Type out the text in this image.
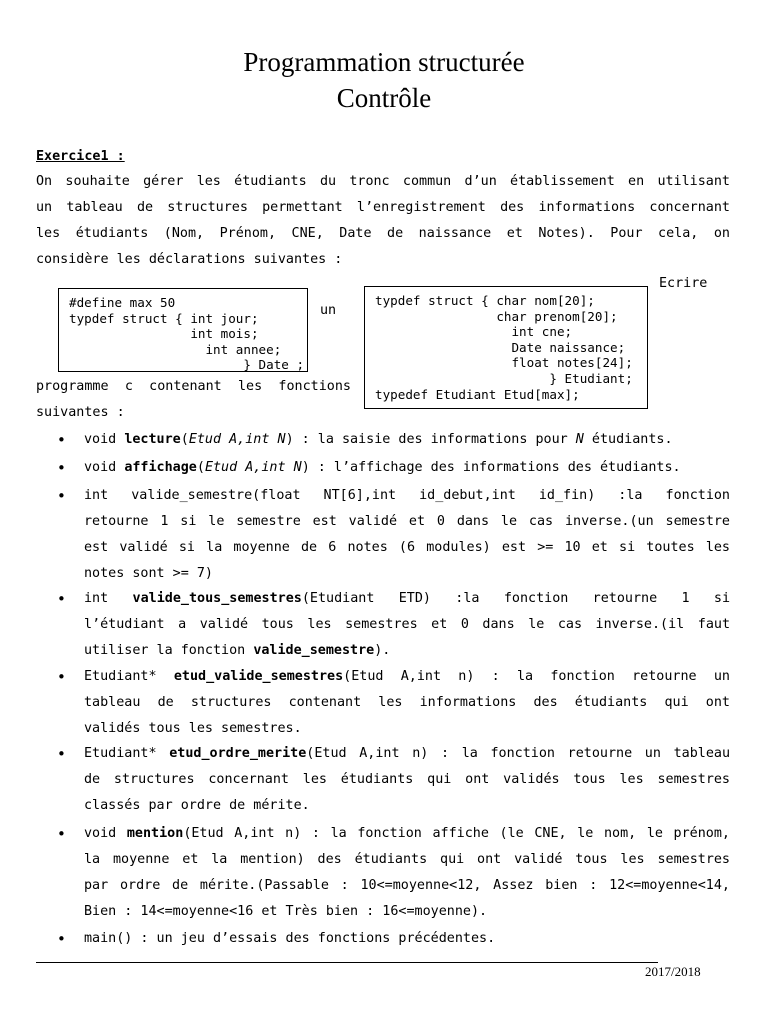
Programmation structurée
Contrôle
Exercice1 :
On souhaite gérer les étudiants du tronc commun d’un établissement en utilisant
un tableau de structures permettant l’enregistrement des informations concernant
les étudiants (Nom, Prénom, CNE, Date de naissance et Notes). Pour cela, on
considère les déclarations suivantes :
Ecrire
#define max 50
typdef struct { int jour;
int mois;
int annee;
} Date ;
un
typdef struct { char nom[20];
char prenom[20];
int cne;
Date naissance;
float notes[24];
} Etudiant;
typedef Etudiant Etud[max];
programme c contenant les fonctions
suivantes :
• void lecture(Etud A,int N) : la saisie des informations pour N étudiants.

• void affichage(Etud A,int N) : l’affichage des informations des étudiants.

• int valide_semestre(float NT[6],int id_debut,int id_fin) :la fonction

retourne 1 si le semestre est validé et 0 dans le cas inverse.(un semestre

est validé si la moyenne de 6 notes (6 modules) est >= 10 et si toutes les

notes sont >= 7)

• int valide_tous_semestres(Etudiant ETD) :la fonction retourne 1 si

l’étudiant a validé tous les semestres et 0 dans le cas inverse.(il faut

utiliser la fonction valide_semestre).

• Etudiant* etud_valide_semestres(Etud A,int n) : la fonction retourne un

tableau de structures contenant les informations des étudiants qui ont

validés tous les semestres.

• Etudiant* etud_ordre_merite(Etud A,int n) : la fonction retourne un tableau

de structures concernant les étudiants qui ont validés tous les semestres

classés par ordre de mérite.

• void mention(Etud A,int n) : la fonction affiche (le CNE, le nom, le prénom,

la moyenne et la mention) des étudiants qui ont validé tous les semestres

par ordre de mérite.(Passable : 10<=moyenne<12, Assez bien : 12<=moyenne<14,

Bien : 14<=moyenne<16 et Très bien : 16<=moyenne).

• main() : un jeu d’essais des fonctions précédentes.

2017/2018
